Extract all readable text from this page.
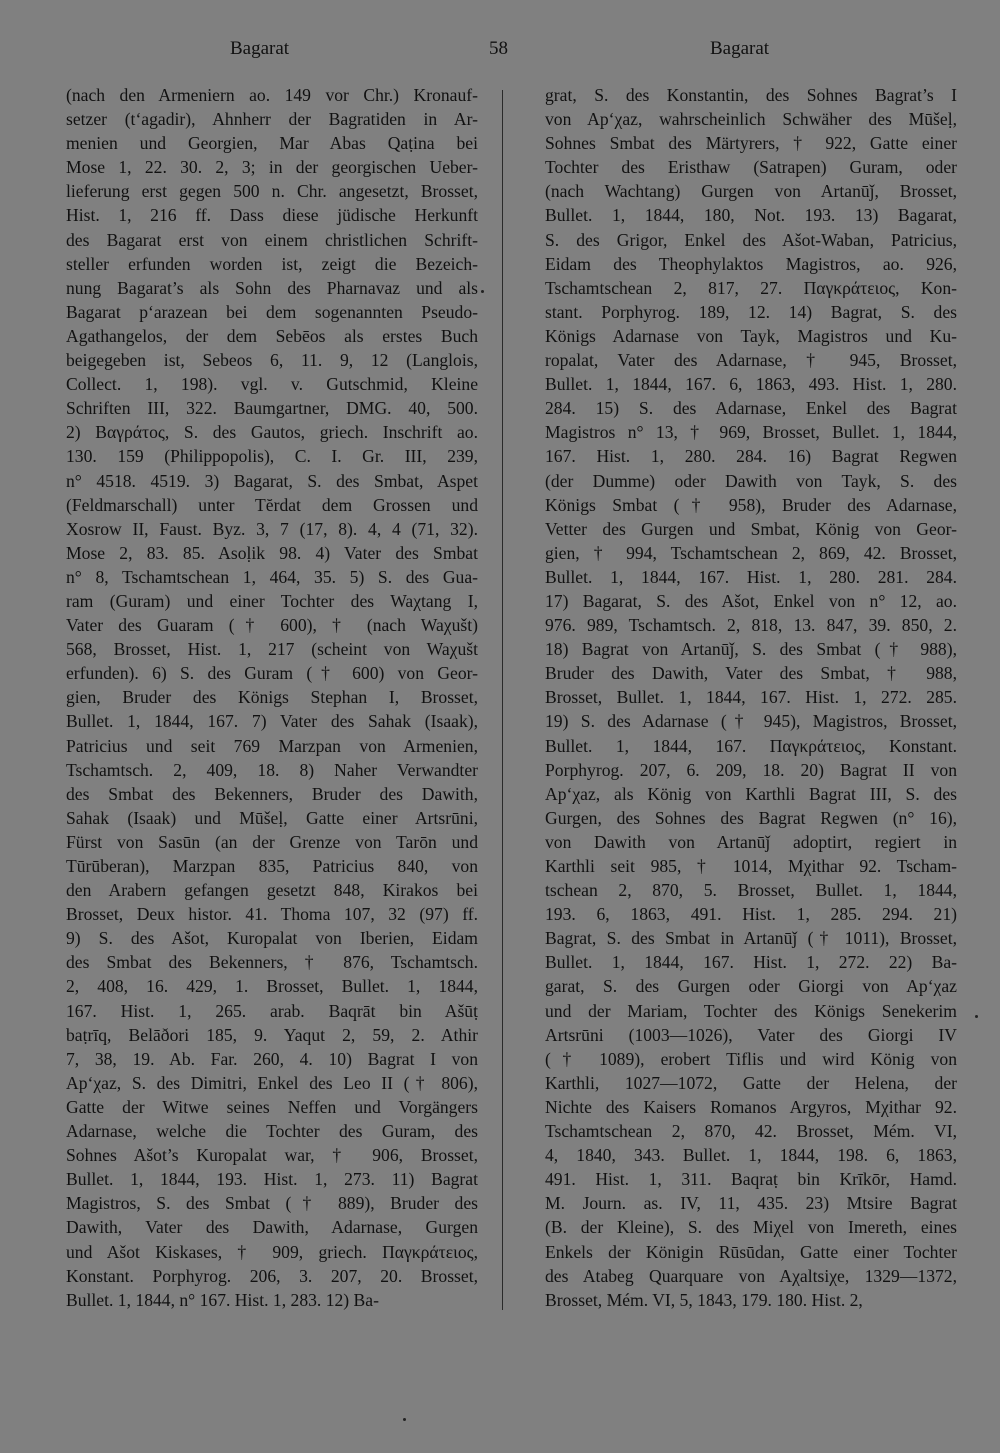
Bagarat	58	Bagarat
(nach den Armeniern ao. 149 vor Chr.) Kronauf-
setzer (t‘agadir), Ahnherr der Bagratiden in Ar-
menien und Georgien, Mar Abas Qaṭina bei
Mose 1, 22. 30. 2, 3; in der georgischen Ueber-
lieferung erst gegen 500 n. Chr. angesetzt, Brosset,
Hist. 1, 216 ff. Dass diese jüdische Herkunft
des Bagarat erst von einem christlichen Schrift-
steller erfunden worden ist, zeigt die Bezeich-
nung Bagarat’s als Sohn des Pharnavaz und als
Bagarat p‘arazean bei dem sogenannten Pseudo-
Agathangelos, der dem Sebēos als erstes Buch
beigegeben ist, Sebeos 6, 11. 9, 12 (Langlois,
Collect. 1, 198). vgl. v. Gutschmid, Kleine
Schriften III, 322. Baumgartner, DMG. 40, 500.
2) Βαγράτος, S. des Gautos, griech. Inschrift ao.
130. 159 (Philippopolis), C. I. Gr. III, 239,
n° 4518. 4519. 3) Bagarat, S. des Smbat, Aspet
(Feldmarschall) unter Tĕrdat dem Grossen und
Xosrow II, Faust. Byz. 3, 7 (17, 8). 4, 4 (71, 32).
Mose 2, 83. 85. Asoḷik 98. 4) Vater des Smbat
n° 8, Tschamtschean 1, 464, 35. 5) S. des Gua-
ram (Guram) und einer Tochter des Waχtang I,
Vater des Guaram († 600), † (nach Waχušt)
568, Brosset, Hist. 1, 217 (scheint von Waχušt
erfunden). 6) S. des Guram († 600) von Geor-
gien, Bruder des Königs Stephan I, Brosset,
Bullet. 1, 1844, 167. 7) Vater des Sahak (Isaak),
Patricius und seit 769 Marzpan von Armenien,
Tschamtsch. 2, 409, 18. 8) Naher Verwandter
des Smbat des Bekenners, Bruder des Dawith,
Sahak (Isaak) und Mūšeḷ, Gatte einer Artsrūni,
Fürst von Sasūn (an der Grenze von Tarōn und
Tūrūberan), Marzpan 835, Patricius 840, von
den Arabern gefangen gesetzt 848, Kirakos bei
Brosset, Deux histor. 41. Thoma 107, 32 (97) ff.
9) S. des Ašot, Kuropalat von Iberien, Eidam
des Smbat des Bekenners, † 876, Tschamtsch.
2, 408, 16. 429, 1. Brosset, Bullet. 1, 1844,
167. Hist. 1, 265. arab. Baqrāt bin Ašūṭ
baṭrīq, Belāðori 185, 9. Yaqut 2, 59, 2. Athir
7, 38, 19. Ab. Far. 260, 4. 10) Bagrat I von
Ap‘χaz, S. des Dimitri, Enkel des Leo II († 806),
Gatte der Witwe seines Neffen und Vorgängers
Adarnase, welche die Tochter des Guram, des
Sohnes Ašot’s Kuropalat war, † 906, Brosset,
Bullet. 1, 1844, 193. Hist. 1, 273. 11) Bagrat
Magistros, S. des Smbat († 889), Bruder des
Dawith, Vater des Dawith, Adarnase, Gurgen
und Ašot Kiskases, † 909, griech. Παγκράτειος,
Konstant. Porphyrog. 206, 3. 207, 20. Brosset,
Bullet. 1, 1844, n° 167. Hist. 1, 283. 12) Ba-
grat, S. des Konstantin, des Sohnes Bagrat’s I
von Ap‘χaz, wahrscheinlich Schwäher des Mūšeḷ,
Sohnes Smbat des Märtyrers, † 922, Gatte einer
Tochter des Eristhaw (Satrapen) Guram, oder
(nach Wachtang) Gurgen von Artanūǰ, Brosset,
Bullet. 1, 1844, 180, Not. 193. 13) Bagarat,
S. des Grigor, Enkel des Ašot-Waban, Patricius,
Eidam des Theophylaktos Magistros, ao. 926,
Tschamtschean 2, 817, 27. Παγκράτειος, Kon-
stant. Porphyrog. 189, 12. 14) Bagrat, S. des
Königs Adarnase von Tayk, Magistros und Ku-
ropalat, Vater des Adarnase, † 945, Brosset,
Bullet. 1, 1844, 167. 6, 1863, 493. Hist. 1, 280.
284. 15) S. des Adarnase, Enkel des Bagrat
Magistros n° 13, † 969, Brosset, Bullet. 1, 1844,
167. Hist. 1, 280. 284. 16) Bagrat Regwen
(der Dumme) oder Dawith von Tayk, S. des
Königs Smbat († 958), Bruder des Adarnase,
Vetter des Gurgen und Smbat, König von Geor-
gien, † 994, Tschamtschean 2, 869, 42. Brosset,
Bullet. 1, 1844, 167. Hist. 1, 280. 281. 284.
17) Bagarat, S. des Ašot, Enkel von n° 12, ao.
976. 989, Tschamtsch. 2, 818, 13. 847, 39. 850, 2.
18) Bagrat von Artanūǰ, S. des Smbat († 988),
Bruder des Dawith, Vater des Smbat, † 988,
Brosset, Bullet. 1, 1844, 167. Hist. 1, 272. 285.
19) S. des Adarnase († 945), Magistros, Brosset,
Bullet. 1, 1844, 167. Παγκράτειος, Konstant.
Porphyrog. 207, 6. 209, 18. 20) Bagrat II von
Ap‘χaz, als König von Karthli Bagrat III, S. des
Gurgen, des Sohnes des Bagrat Regwen (n° 16),
von Dawith von Artanūǰ adoptirt, regiert in
Karthli seit 985, † 1014, Mχithar 92. Tscham-
tschean 2, 870, 5. Brosset, Bullet. 1, 1844,
193. 6, 1863, 491. Hist. 1, 285. 294. 21)
Bagrat, S. des Smbat in Artanūǰ († 1011), Brosset,
Bullet. 1, 1844, 167. Hist. 1, 272. 22) Ba-
garat, S. des Gurgen oder Giorgi von Ap‘χaz
und der Mariam, Tochter des Königs Senekerim
Artsrūni (1003—1026), Vater des Giorgi IV
(† 1089), erobert Tiflis und wird König von
Karthli, 1027—1072, Gatte der Helena, der
Nichte des Kaisers Romanos Argyros, Mχithar 92.
Tschamtschean 2, 870, 42. Brosset, Mém. VI,
4, 1840, 343. Bullet. 1, 1844, 198. 6, 1863,
491. Hist. 1, 311. Baqraṭ bin Krīkōr, Hamd.
M. Journ. as. IV, 11, 435. 23) Mtsire Bagrat
(B. der Kleine), S. des Miχel von Imereth, eines
Enkels der Königin Rūsūdan, Gatte einer Tochter
des Atabeg Quarquare von Aχaltsiχe, 1329—1372,
Brosset, Mém. VI, 5, 1843, 179. 180. Hist. 2,
